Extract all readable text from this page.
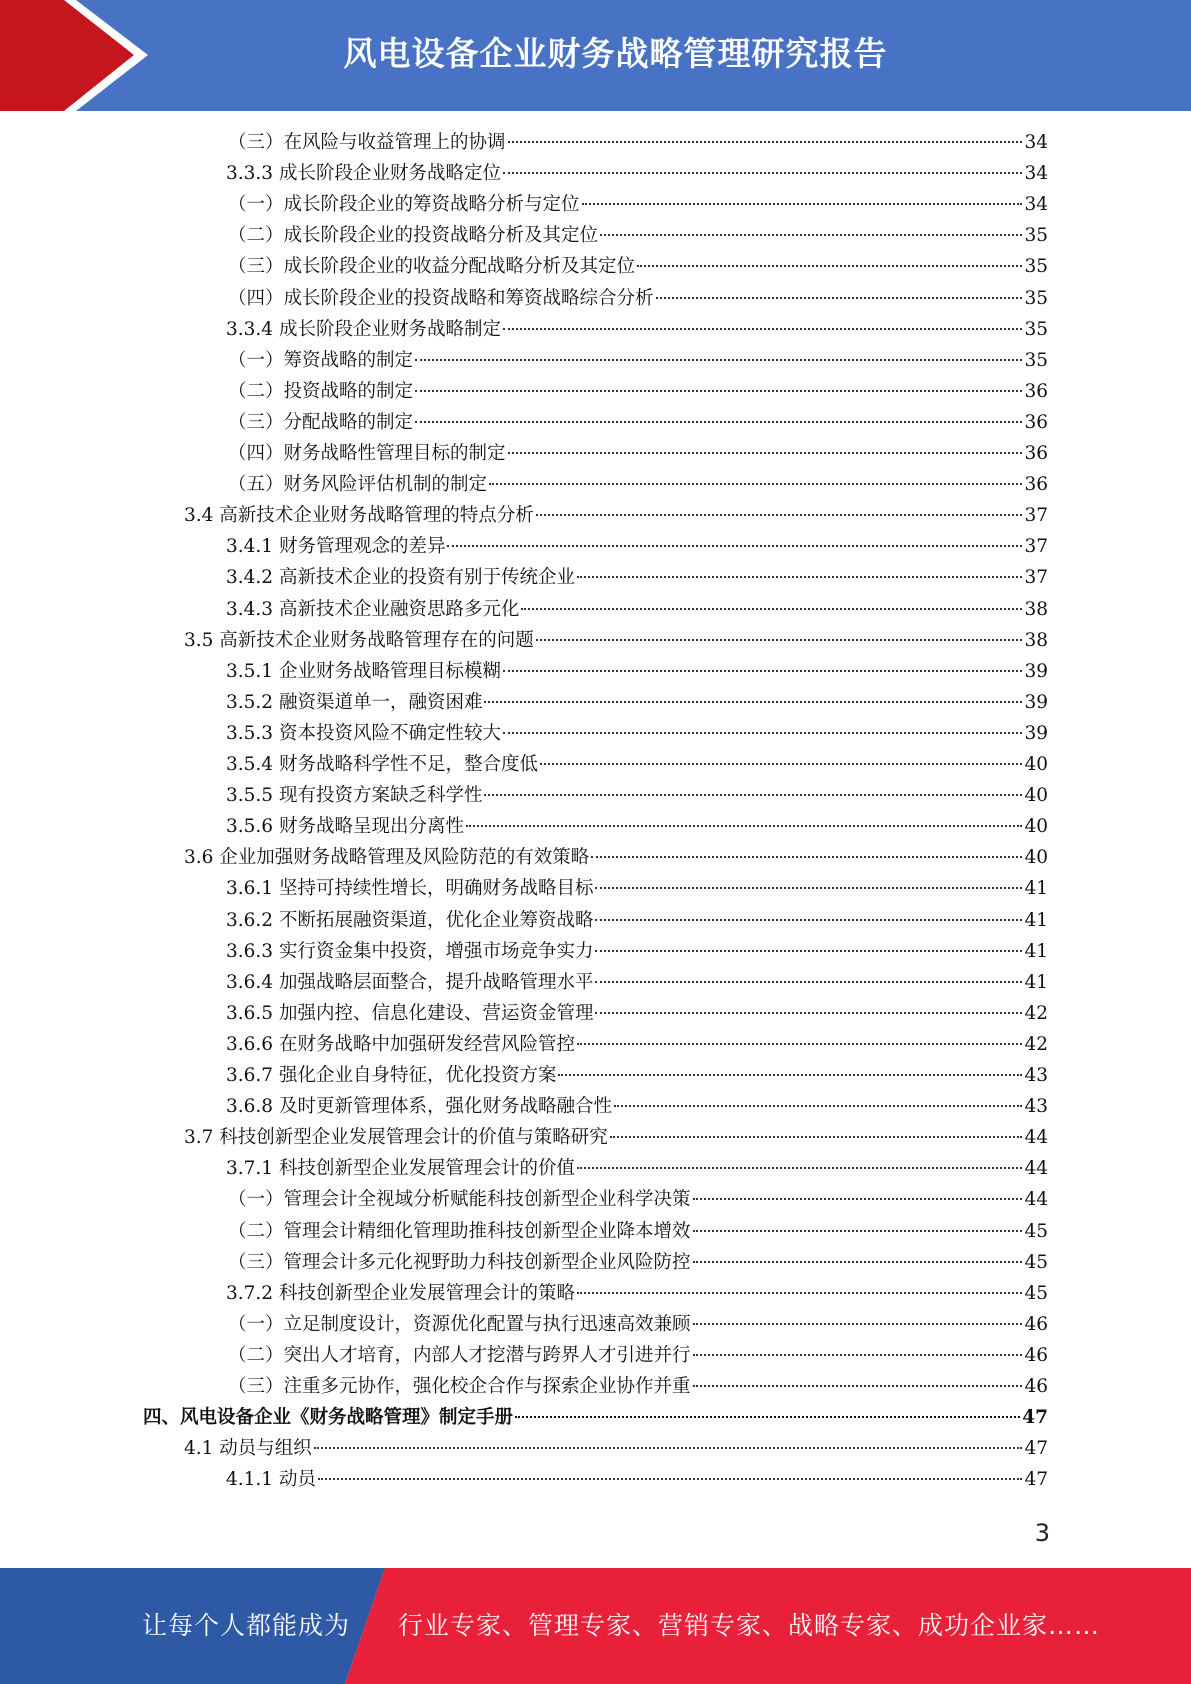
风电设备企业财务战略管理研究报告
（三）在风险与收益管理上的协调	34
3.3.3 成长阶段企业财务战略定位	34
（一）成长阶段企业的筹资战略分析与定位	34
（二）成长阶段企业的投资战略分析及其定位	35
（三）成长阶段企业的收益分配战略分析及其定位	35
（四）成长阶段企业的投资战略和筹资战略综合分析	35
3.3.4 成长阶段企业财务战略制定	35
（一）筹资战略的制定	35
（二）投资战略的制定	36
（三）分配战略的制定	36
（四）财务战略性管理目标的制定	36
（五）财务风险评估机制的制定	36
3.4 高新技术企业财务战略管理的特点分析	37
3.4.1 财务管理观念的差异	37
3.4.2 高新技术企业的投资有别于传统企业	37
3.4.3 高新技术企业融资思路多元化	38
3.5 高新技术企业财务战略管理存在的问题	38
3.5.1 企业财务战略管理目标模糊	39
3.5.2 融资渠道单一，融资困难	39
3.5.3 资本投资风险不确定性较大	39
3.5.4 财务战略科学性不足，整合度低	40
3.5.5 现有投资方案缺乏科学性	40
3.5.6 财务战略呈现出分离性	40
3.6 企业加强财务战略管理及风险防范的有效策略	40
3.6.1 坚持可持续性增长，明确财务战略目标	41
3.6.2 不断拓展融资渠道，优化企业筹资战略	41
3.6.3 实行资金集中投资，增强市场竞争实力	41
3.6.4 加强战略层面整合，提升战略管理水平	41
3.6.5 加强内控、信息化建设、营运资金管理	42
3.6.6 在财务战略中加强研发经营风险管控	42
3.6.7 强化企业自身特征，优化投资方案	43
3.6.8 及时更新管理体系，强化财务战略融合性	43
3.7 科技创新型企业发展管理会计的价值与策略研究	44
3.7.1 科技创新型企业发展管理会计的价值	44
（一）管理会计全视域分析赋能科技创新型企业科学决策	44
（二）管理会计精细化管理助推科技创新型企业降本增效	45
（三）管理会计多元化视野助力科技创新型企业风险防控	45
3.7.2 科技创新型企业发展管理会计的策略	45
（一）立足制度设计，资源优化配置与执行迅速高效兼顾	46
（二）突出人才培育，内部人才挖潜与跨界人才引进并行	46
（三）注重多元协作，强化校企合作与探索企业协作并重	46
四、风电设备企业《财务战略管理》制定手册	47
4.1 动员与组织	47
4.1.1 动员	47
3
让每个人都能成为 行业专家、管理专家、营销专家、战略专家、成功企业家……
